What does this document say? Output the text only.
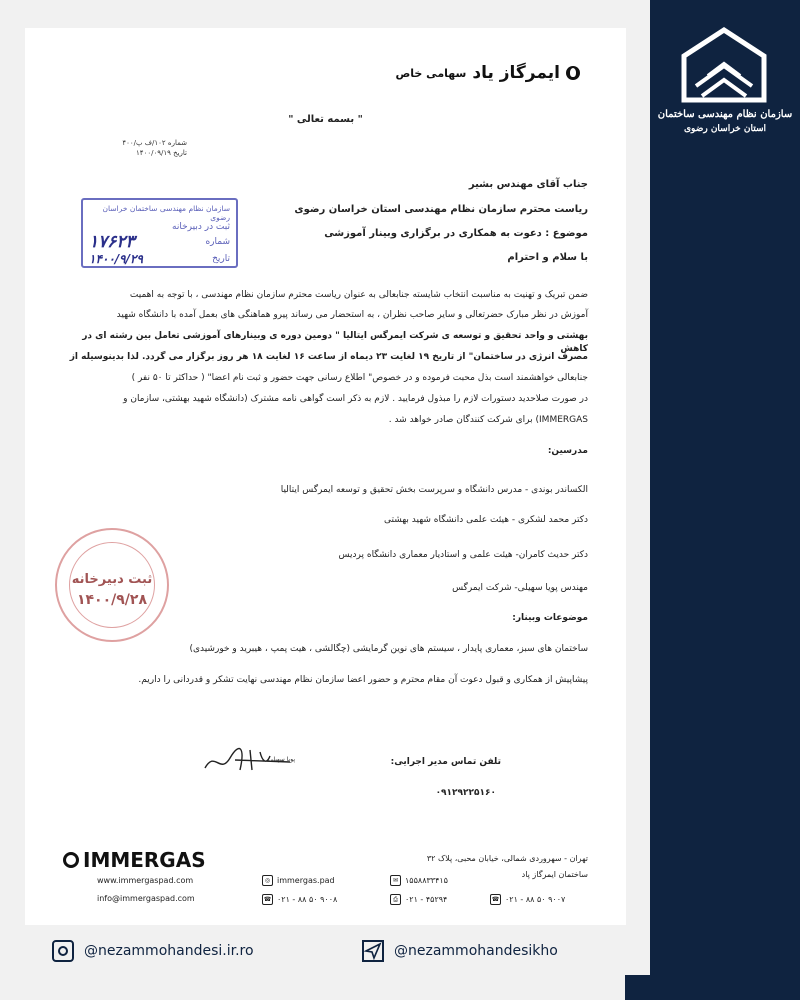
ایمرگاز یاد
سهامی خاص
" بسمه تعالی "
شماره ۱۰۲/ف پ/۴۰۰
تاریخ ۱۴۰۰/۰۹/۱۹
سازمان نظام مهندسی ساختمان خراسان رضوی
ثبت در دبیرخانه
شماره
۱۷۶۲۳
تاریخ
۱۴۰۰/۹/۲۹
جناب آقای مهندس بشیر
ریاست محترم سازمان نظام مهندسی استان خراسان رضوی
موضوع : دعوت به همکاری در برگزاری وبینار آموزشی
با سلام و احترام
ضمن تبریک و تهنیت به مناسبت انتخاب شایسته جنابعالی به عنوان ریاست محترم سازمان نظام مهندسی ، با توجه به اهمیت
آموزش در نظر مبارک حضرتعالی و سایر صاحب نظران ، به استحضار می رساند پیرو هماهنگی های بعمل آمده با دانشگاه شهید
بهشتی و واحد تحقیق و توسعه ی شرکت ایمرگس ایتالیا " دومین دوره ی وبینارهای آموزشی تعامل بین رشته ای در کاهش
مصرف انرژی در ساختمان" از تاریخ ۱۹ لغایت ۲۳ دیماه از ساعت ۱۶ لغایت ۱۸ هر روز برگزار می گردد. لذا بدینوسیله از
جنابعالی خواهشمند است بذل محبت فرموده و در خصوص" اطلاع رسانی جهت حضور و ثبت نام اعضا" ( حداکثر تا ۵۰ نفر )
در صورت صلاحدید دستورات لازم را مبذول فرمایید . لازم به ذکر است گواهی نامه مشترک (دانشگاه شهید بهشتی، سازمان و
IMMERGAS) برای شرکت کنندگان صادر خواهد شد .
مدرسین:
الکساندر بوندی - مدرس دانشگاه و سرپرست بخش تحقیق و توسعه ایمرگس ایتالیا
دکتر محمد لشکری - هیئت علمی دانشگاه شهید بهشتی
دکتر حدیث کامران- هیئت علمی و استادیار معماری دانشگاه پردیس
مهندس پویا سهیلی- شرکت ایمرگس
موضوعات وبینار:
ساختمان های سبز، معماری پایدار ، سیستم های نوین گرمایشی (چگالشی ، هیت پمپ ، هیبرید و خورشیدی)
پیشاپیش از همکاری و قبول دعوت آن مقام محترم و حضور اعضا سازمان نظام مهندسی نهایت تشکر و قدردانی را داریم.
ثبت دبیرخانه
۱۴۰۰/۹/۲۸
پویا سهیلی	تلفن تماس مدیر اجرایی:
۰۹۱۲۹۲۲۵۱۶۰
IMMERGAS
www.immergaspad.com
info@immergaspad.com
◎ immergas.pad
☎ ۰۲۱ - ۸۸ ۵۰ ۹۰۰۸
تهران - سهروردی شمالی، خیابان محبی، پلاک ۳۲
ساختمان ایمرگاز پاد
✉ ۱۵۵۸۸۳۳۴۱۵
⎙ ۰۲۱ - ۴۵۲۹۴	☎ ۰۲۱ - ۸۸ ۵۰ ۹۰۰۷
سازمان نظام مهندسی ساختمان
استان خراسان رضوی
@nezammohandesi.ir.ro	@nezammohandesikho
